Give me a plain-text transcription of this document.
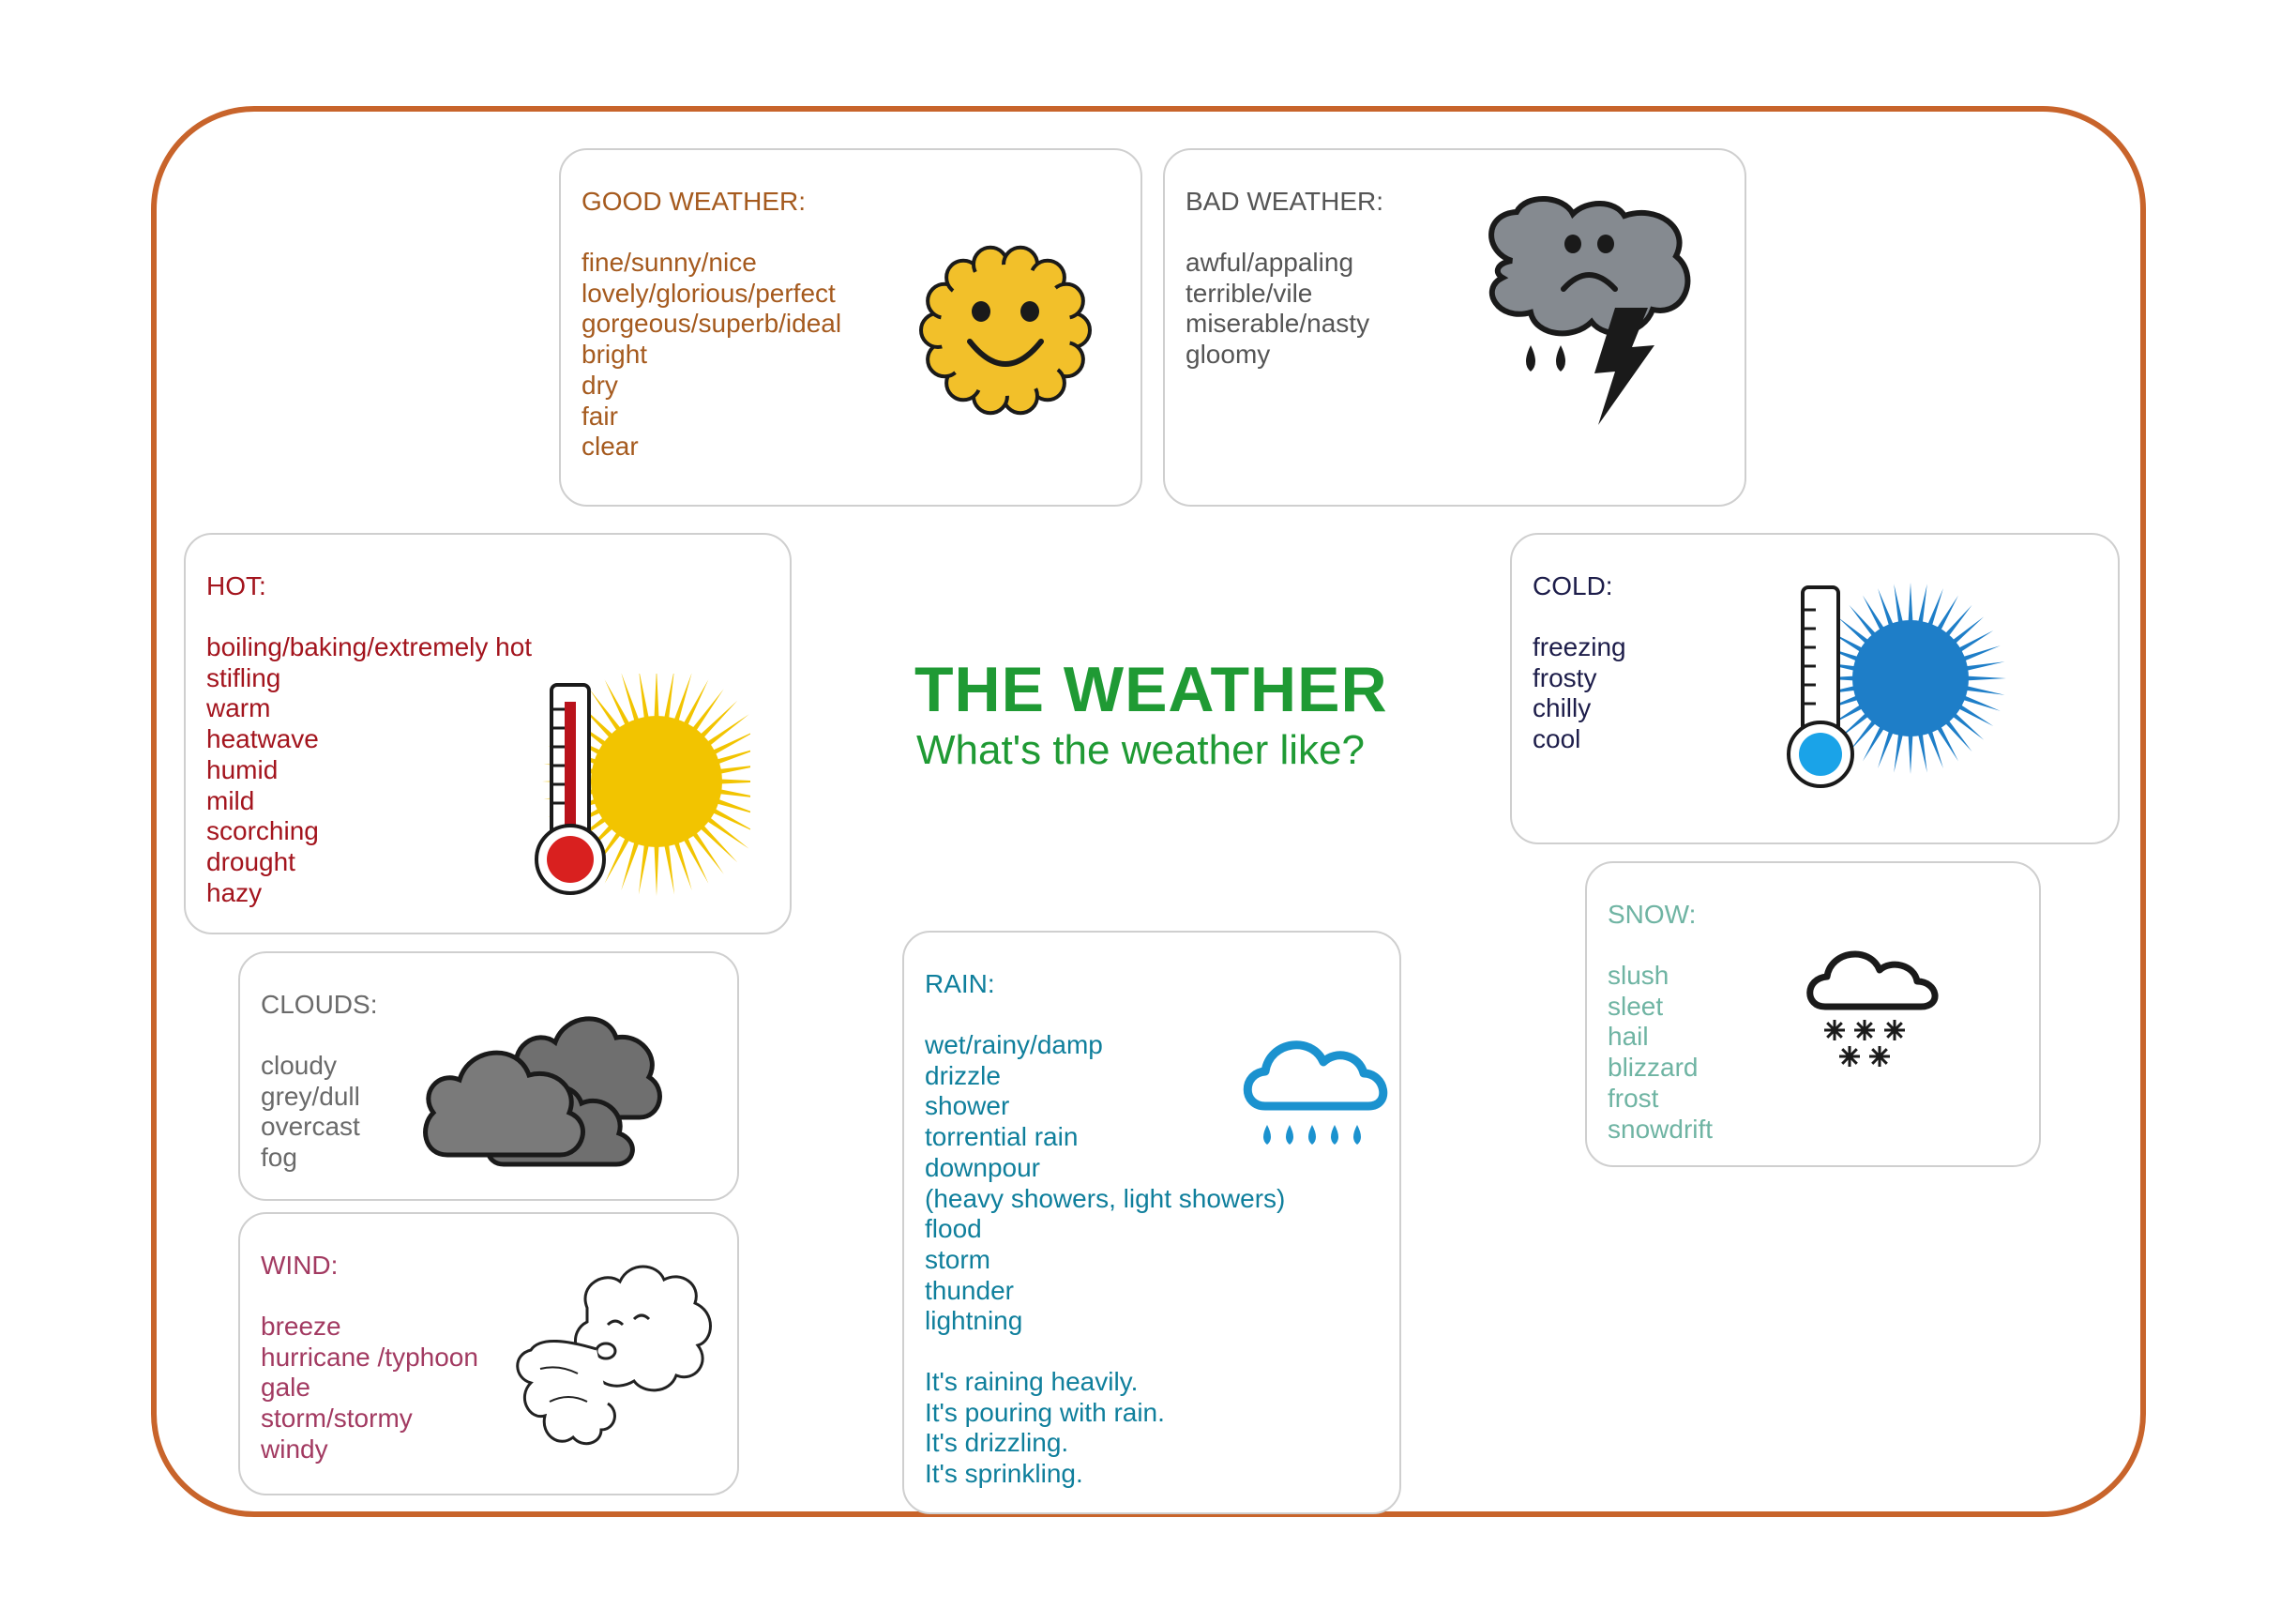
GOOD WEATHER:
fine/sunny/nice
lovely/glorious/perfect
gorgeous/superb/ideal
bright
dry
fair
clear
BAD WEATHER:
awful/appaling
terrible/vile
miserable/nasty
gloomy
HOT:
boiling/baking/extremely hot
stifling
warm
heatwave
humid
mild
scorching
drought
hazy
COLD:
freezing
frosty
chilly
cool
CLOUDS:
cloudy
grey/dull
overcast
fog
WIND:
breeze
hurricane /typhoon
gale
storm/stormy
windy
RAIN:
wet/rainy/damp
drizzle
shower
torrential rain
downpour
(heavy showers, light showers)
flood
storm
thunder
lightning
It's raining heavily.
It's pouring with rain.
It's drizzling.
It's sprinkling.
SNOW:
slush
sleet
hail
blizzard
frost
snowdrift
THE WEATHER
What's the weather like?
